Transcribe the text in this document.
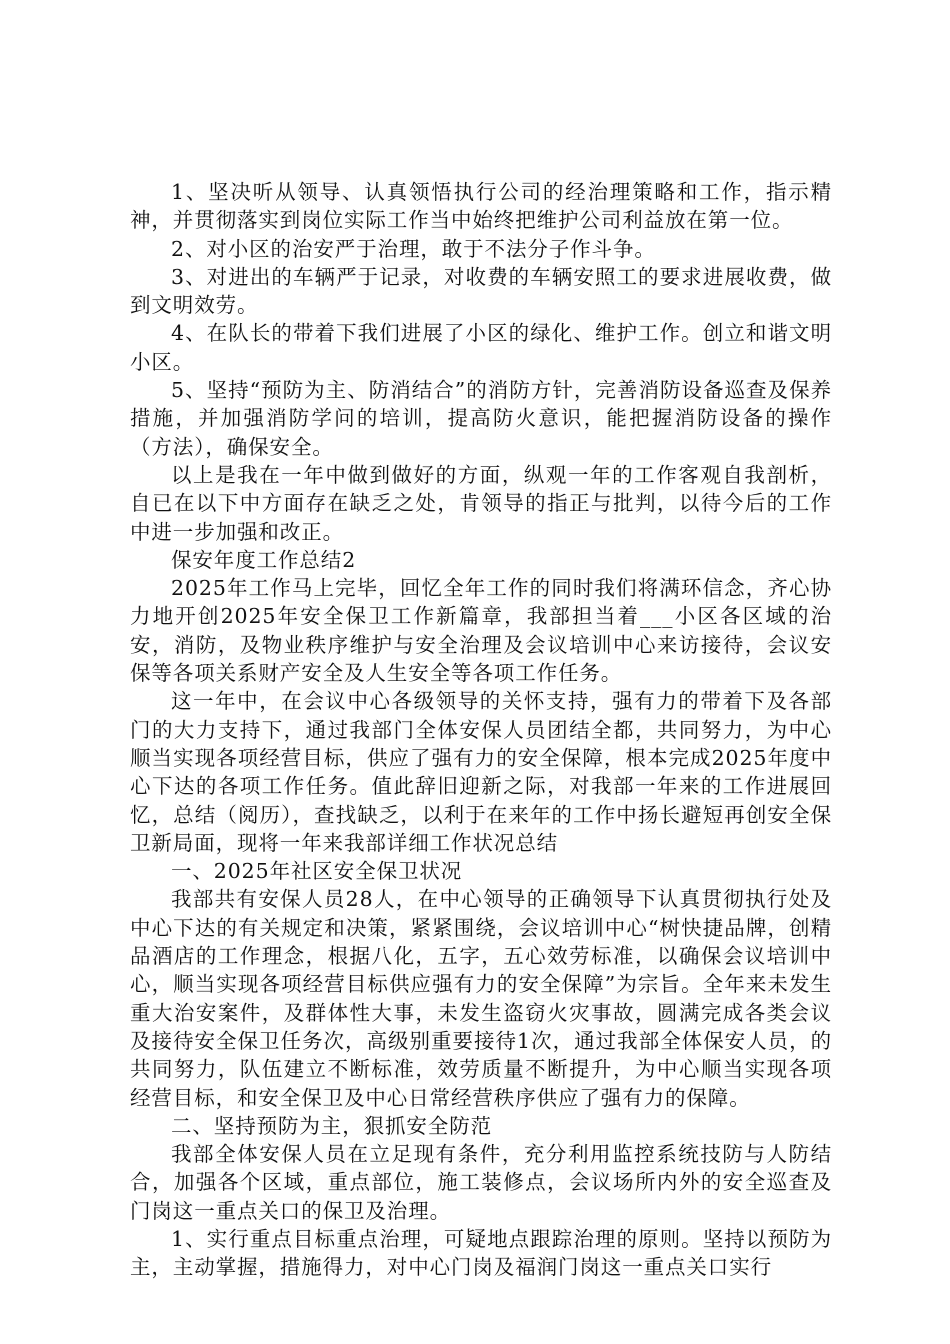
1、坚决听从领导、认真领悟执行公司的经治理策略和工作，指示精神，并贯彻落实到岗位实际工作当中始终把维护公司利益放在第一位。

2、对小区的治安严于治理，敢于不法分子作斗争。

3、对进出的车辆严于记录，对收费的车辆安照工的要求进展收费，做到文明效劳。

4、在队长的带着下我们进展了小区的绿化、维护工作。创立和谐文明小区。

5、坚持“预防为主、防消结合”的消防方针，完善消防设备巡查及保养措施，并加强消防学问的培训，提高防火意识，能把握消防设备的操作（方法），确保安全。

以上是我在一年中做到做好的方面，纵观一年的工作客观自我剖析，自已在以下中方面存在缺乏之处，肯领导的指正与批判，以待今后的工作中进一步加强和改正。

保安年度工作总结2

2025年工作马上完毕，回忆全年工作的同时我们将满环信念，齐心协力地开创2025年安全保卫工作新篇章，我部担当着___小区各区域的治安，消防，及物业秩序维护与安全治理及会议培训中心来访接待，会议安保等各项关系财产安全及人生安全等各项工作任务。

这一年中，在会议中心各级领导的关怀支持，强有力的带着下及各部门的大力支持下，通过我部门全体安保人员团结全都，共同努力，为中心顺当实现各项经营目标，供应了强有力的安全保障，根本完成2025年度中心下达的各项工作任务。值此辞旧迎新之际，对我部一年来的工作进展回忆，总结（阅历），查找缺乏，以利于在来年的工作中扬长避短再创安全保卫新局面，现将一年来我部详细工作状况总结

一、2025年社区安全保卫状况

我部共有安保人员28人，在中心领导的正确领导下认真贯彻执行处及中心下达的有关规定和决策，紧紧围绕，会议培训中心“树快捷品牌，创精品酒店的工作理念，根据八化，五字，五心效劳标准，以确保会议培训中心，顺当实现各项经营目标供应强有力的安全保障”为宗旨。全年来未发生重大治安案件，及群体性大事，未发生盗窃火灾事故，圆满完成各类会议及接待安全保卫任务次，高级别重要接待1次，通过我部全体保安人员，的共同努力，队伍建立不断标准，效劳质量不断提升，为中心顺当实现各项经营目标，和安全保卫及中心日常经营秩序供应了强有力的保障。

二、坚持预防为主，狠抓安全防范

我部全体安保人员在立足现有条件，充分利用监控系统技防与人防结合，加强各个区域，重点部位，施工装修点，会议场所内外的安全巡查及门岗这一重点关口的保卫及治理。

1、实行重点目标重点治理，可疑地点跟踪治理的原则。坚持以预防为主，主动掌握，措施得力，对中心门岗及福润门岗这一重点关口实行
